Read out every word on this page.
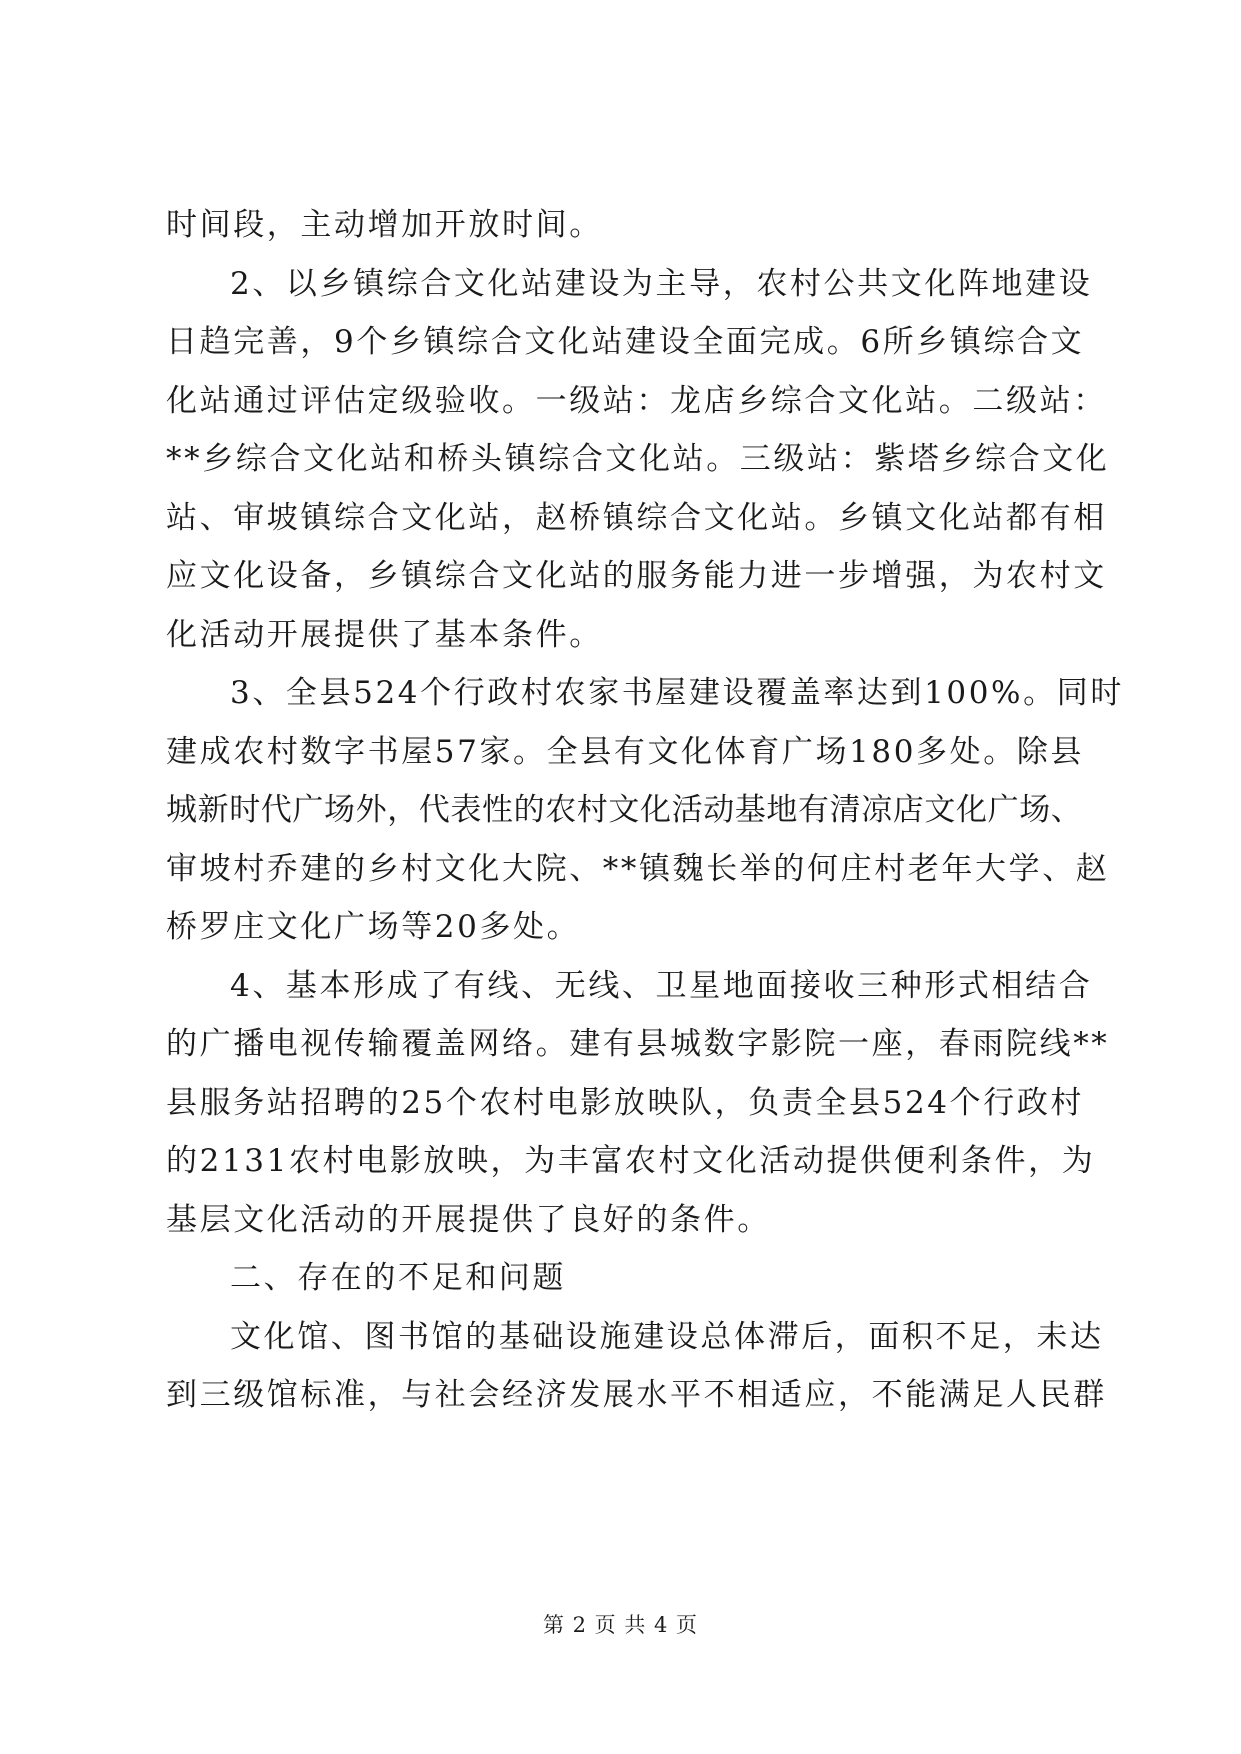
时间段，主动增加开放时间。
2、以乡镇综合文化站建设为主导，农村公共文化阵地建设
日趋完善，9个乡镇综合文化站建设全面完成。6所乡镇综合文
化站通过评估定级验收。一级站：龙店乡综合文化站。二级站：
**乡综合文化站和桥头镇综合文化站。三级站：紫塔乡综合文化
站、审坡镇综合文化站，赵桥镇综合文化站。乡镇文化站都有相
应文化设备，乡镇综合文化站的服务能力进一步增强，为农村文
化活动开展提供了基本条件。
3、全县524个行政村农家书屋建设覆盖率达到100%。同时
建成农村数字书屋57家。全县有文化体育广场180多处。除县
城新时代广场外，代表性的农村文化活动基地有清凉店文化广场、
审坡村乔建的乡村文化大院、**镇魏长举的何庄村老年大学、赵
桥罗庄文化广场等20多处。
4、基本形成了有线、无线、卫星地面接收三种形式相结合
的广播电视传输覆盖网络。建有县城数字影院一座，春雨院线**
县服务站招聘的25个农村电影放映队，负责全县524个行政村
的2131农村电影放映，为丰富农村文化活动提供便利条件，为
基层文化活动的开展提供了良好的条件。
二、存在的不足和问题
文化馆、图书馆的基础设施建设总体滞后，面积不足，未达
到三级馆标准，与社会经济发展水平不相适应，不能满足人民群
第 2 页 共 4 页
